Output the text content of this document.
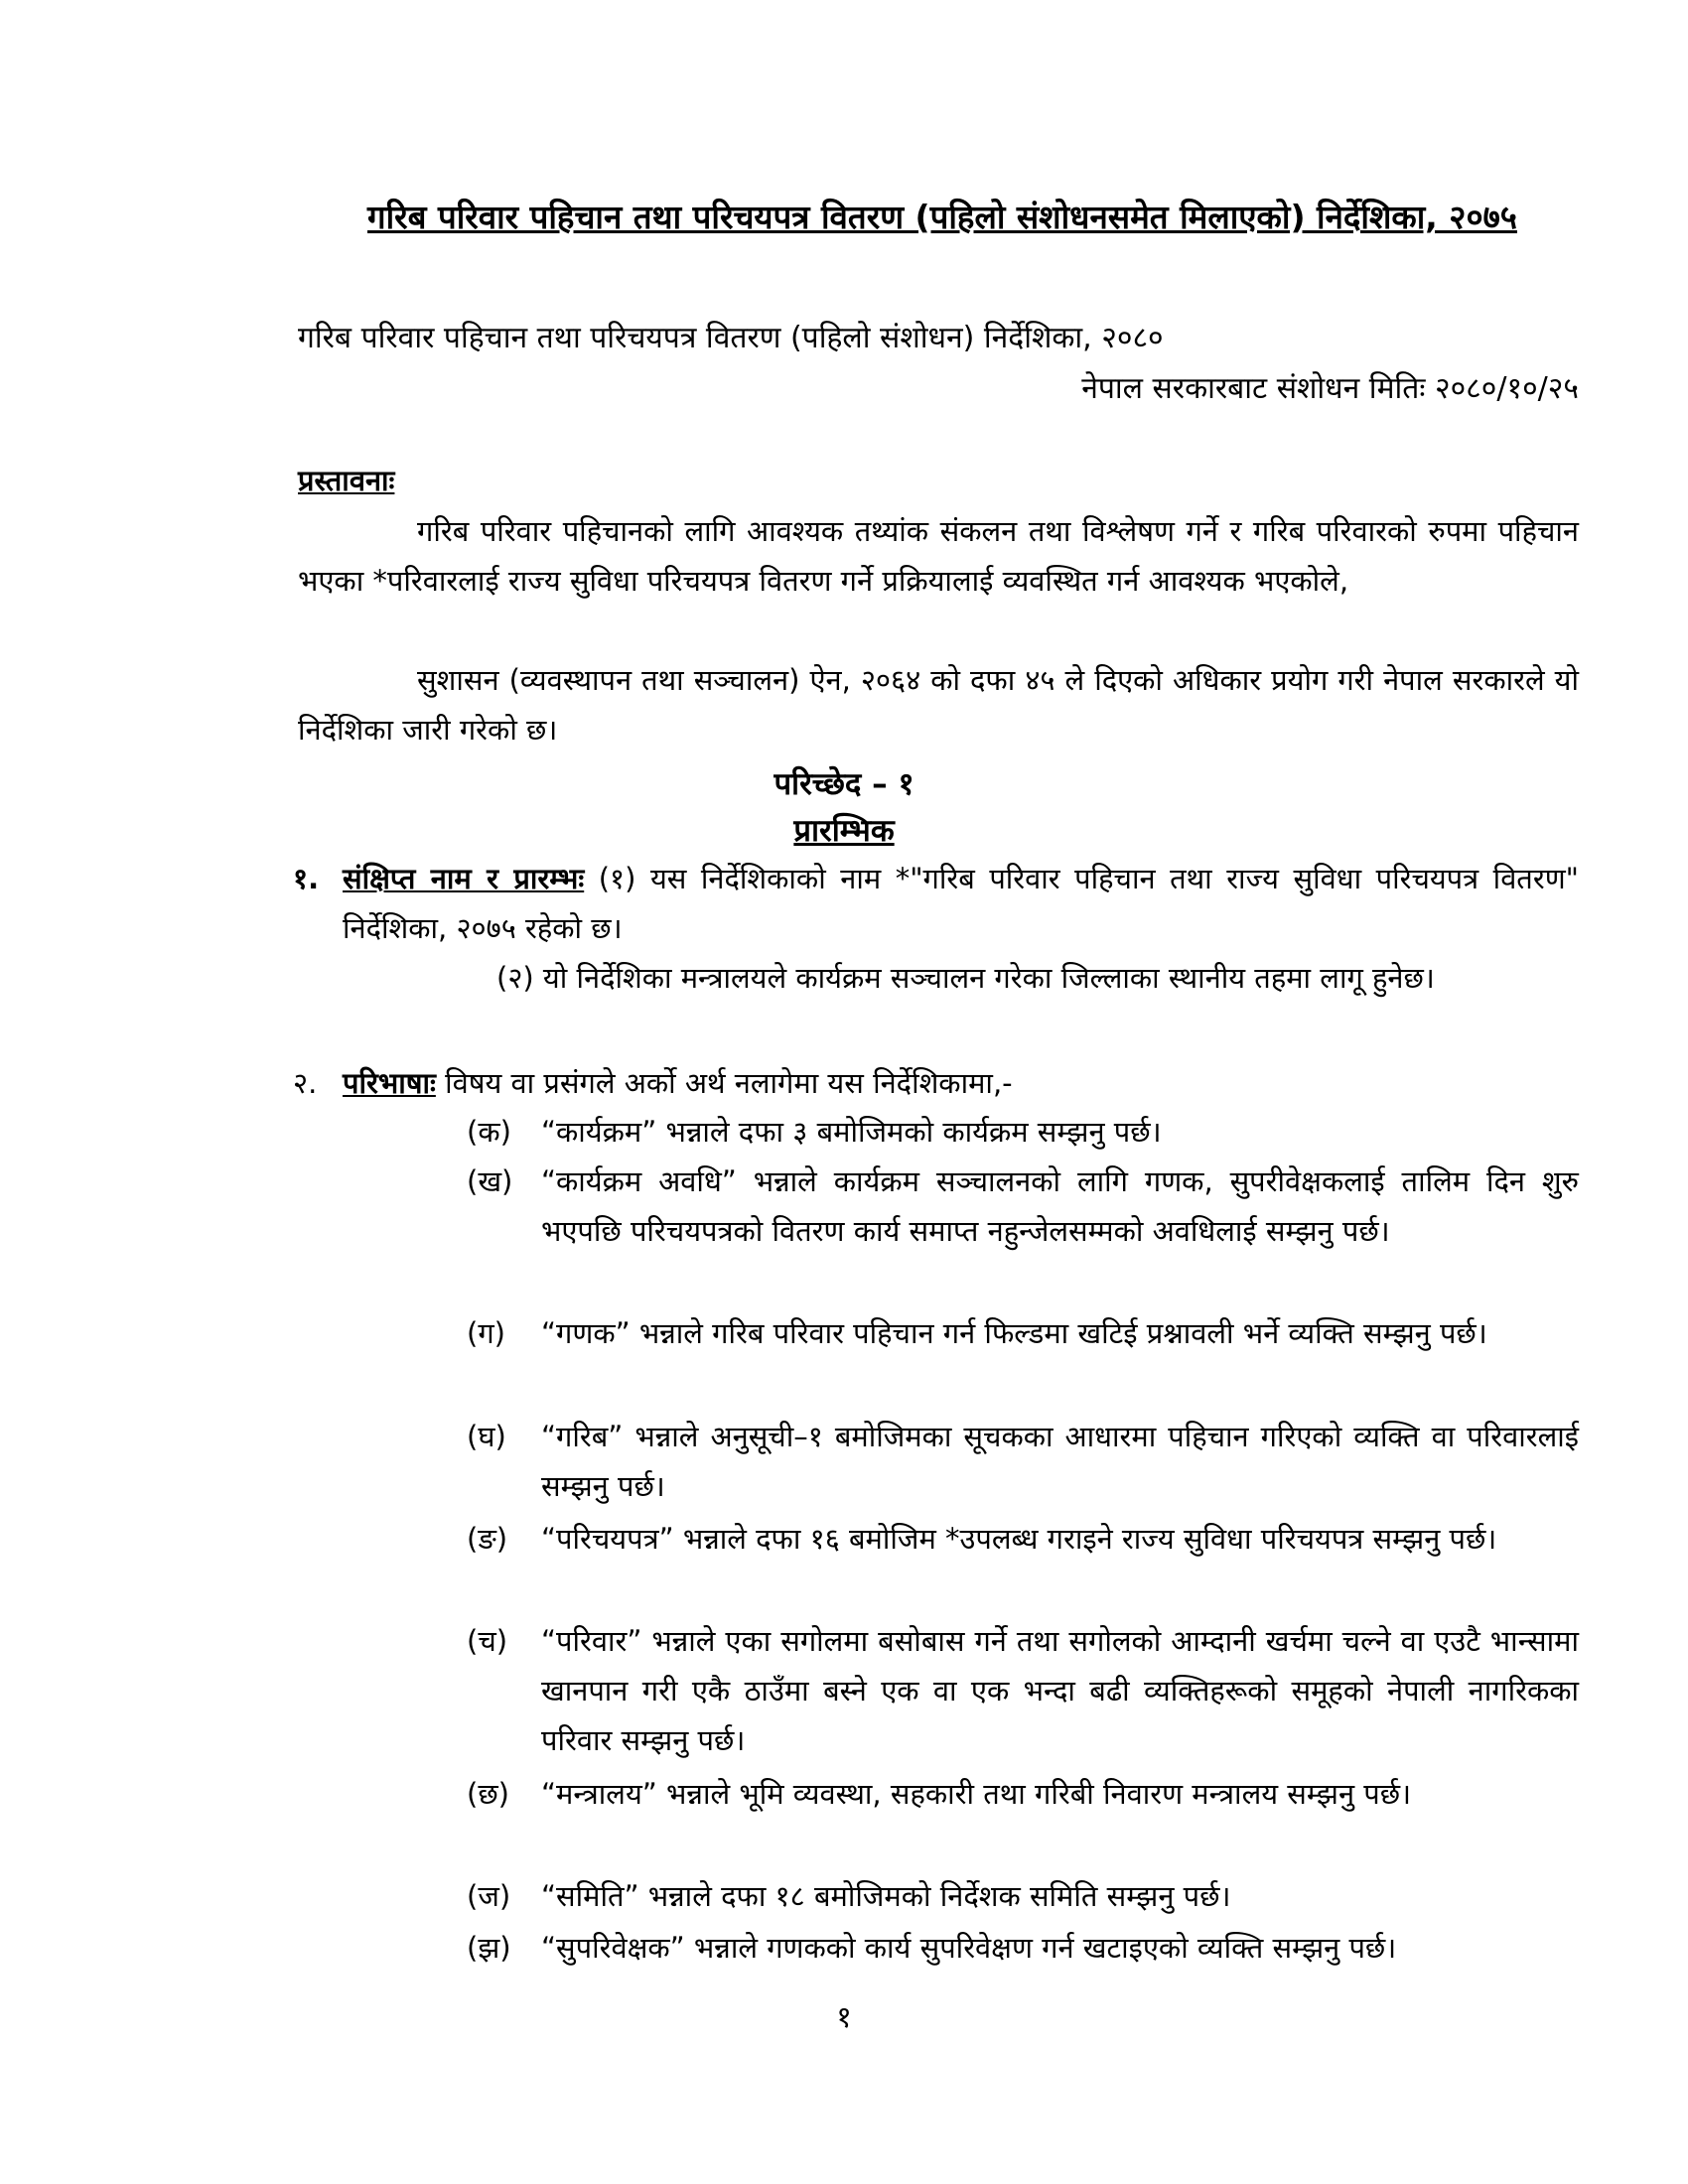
गरिब परिवार पहिचान तथा परिचयपत्र वितरण (पहिलो संशोधनसमेत मिलाएको) निर्देशिका, २०७५
गरिब परिवार पहिचान तथा परिचयपत्र वितरण (पहिलो संशोधन) निर्देशिका, २०८०
नेपाल सरकारबाट संशोधन मितिः २०८०/१०/२५
प्रस्तावनाः
गरिब परिवार पहिचानको लागि आवश्यक तथ्यांक संकलन तथा विश्लेषण गर्ने र गरिब परिवारको रुपमा पहिचान भएका *परिवारलाई राज्य सुविधा परिचयपत्र वितरण गर्ने प्रक्रियालाई व्यवस्थित गर्न आवश्यक भएकोले,
सुशासन (व्यवस्थापन तथा सञ्चालन) ऐन, २०६४ को दफा ४५ ले दिएको अधिकार प्रयोग गरी नेपाल सरकारले यो निर्देशिका जारी गरेको छ।
परिच्छेद – १
प्रारम्भिक
१. संक्षिप्त नाम र प्रारम्भः (१) यस निर्देशिकाको नाम *"गरिब परिवार पहिचान तथा राज्य सुविधा परिचयपत्र वितरण" निर्देशिका, २०७५ रहेको छ।
(२) यो निर्देशिका मन्त्रालयले कार्यक्रम सञ्चालन गरेका जिल्लाका स्थानीय तहमा लागू हुनेछ।
२. परिभाषाः विषय वा प्रसंगले अर्को अर्थ नलागेमा यस निर्देशिकामा,-
(क)	“कार्यक्रम” भन्नाले दफा ३ बमोजिमको कार्यक्रम सम्झनु पर्छ।
(ख) “कार्यक्रम अवधि” भन्नाले कार्यक्रम सञ्चालनको लागि गणक, सुपरीवेक्षकलाई तालिम दिन शुरु भएपछि परिचयपत्रको वितरण कार्य समाप्त नहुन्जेलसम्मको अवधिलाई सम्झनु पर्छ।
(ग)	“गणक” भन्नाले गरिब परिवार पहिचान गर्न फिल्डमा खटिई प्रश्नावली भर्ने व्यक्ति सम्झनु पर्छ।
(घ)	“गरिब” भन्नाले अनुसूची–१ बमोजिमका सूचकका आधारमा पहिचान गरिएको व्यक्ति वा परिवारलाई सम्झनु पर्छ।
(ङ)	“परिचयपत्र” भन्नाले दफा १६ बमोजिम *उपलब्ध गराइने राज्य सुविधा परिचयपत्र सम्झनु पर्छ।
(च)	“परिवार” भन्नाले एका सगोलमा बसोबास गर्ने तथा सगोलको आम्दानी खर्चमा चल्ने वा एउटै भान्सामा खानपान गरी एकै ठाउँमा बस्ने एक वा एक भन्दा बढी व्यक्तिहरूको समूहको नेपाली नागरिकका परिवार सम्झनु पर्छ।
(छ)	“मन्त्रालय” भन्नाले भूमि व्यवस्था, सहकारी तथा गरिबी निवारण मन्त्रालय सम्झनु पर्छ।
(ज)	“समिति” भन्नाले दफा १८ बमोजिमको निर्देशक समिति सम्झनु पर्छ।
(झ)	“सुपरिवेक्षक” भन्नाले गणकको कार्य सुपरिवेक्षण गर्न खटाइएको व्यक्ति सम्झनु पर्छ।
१
